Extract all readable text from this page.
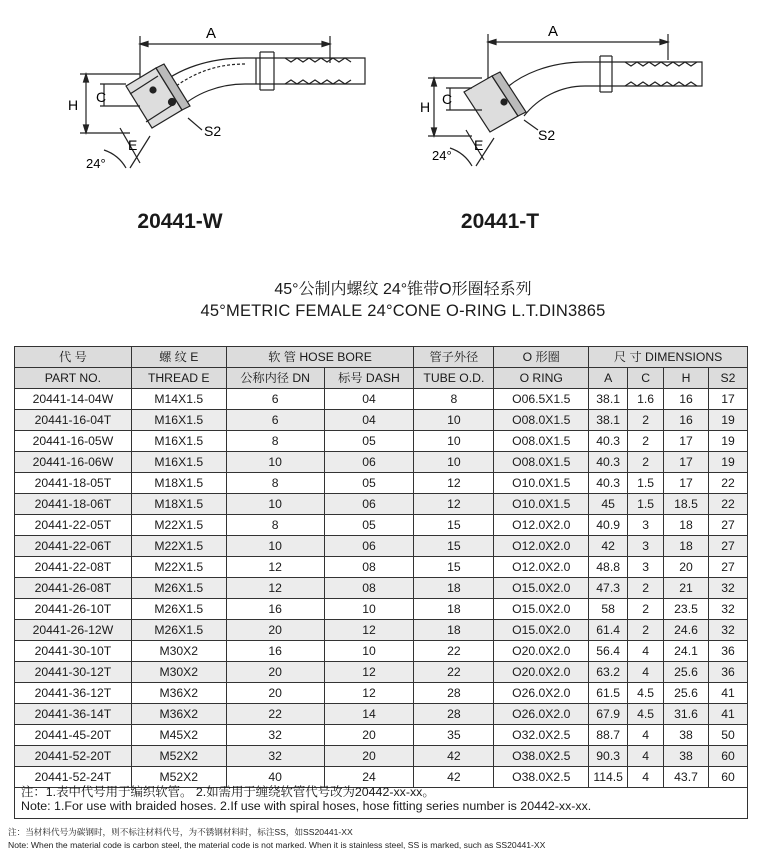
A
H C
E
S2
24°
20441-W
A
H C
E
S2
24°
20441-T
45°公制内螺纹 24°锥带O形圈轻系列
45°METRIC FEMALE 24°CONE O-RING L.T.DIN3865
代 号	螺 纹 E	软 管 HOSE BORE		管子外径	O 形圈	尺 寸 DIMENSIONS			
PART NO.	THREAD E	公称内径 DN	标号 DASH	TUBE O.D.	O RING	A	C	H	S2
20441-14-04W	M14X1.5	6	04	8	O06.5X1.5	38.1	1.6	16	17
20441-16-04T	M16X1.5	6	04	10	O08.0X1.5	38.1	2	16	19
20441-16-05W	M16X1.5	8	05	10	O08.0X1.5	40.3	2	17	19
20441-16-06W	M16X1.5	10	06	10	O08.0X1.5	40.3	2	17	19
20441-18-05T	M18X1.5	8	05	12	O10.0X1.5	40.3	1.5	17	22
20441-18-06T	M18X1.5	10	06	12	O10.0X1.5	45	1.5	18.5	22
20441-22-05T	M22X1.5	8	05	15	O12.0X2.0	40.9	3	18	27
20441-22-06T	M22X1.5	10	06	15	O12.0X2.0	42	3	18	27
20441-22-08T	M22X1.5	12	08	15	O12.0X2.0	48.8	3	20	27
20441-26-08T	M26X1.5	12	08	18	O15.0X2.0	47.3	2	21	32
20441-26-10T	M26X1.5	16	10	18	O15.0X2.0	58	2	23.5	32
20441-26-12W	M26X1.5	20	12	18	O15.0X2.0	61.4	2	24.6	32
20441-30-10T	M30X2	16	10	22	O20.0X2.0	56.4	4	24.1	36
20441-30-12T	M30X2	20	12	22	O20.0X2.0	63.2	4	25.6	36
20441-36-12T	M36X2	20	12	28	O26.0X2.0	61.5	4.5	25.6	41
20441-36-14T	M36X2	22	14	28	O26.0X2.0	67.9	4.5	31.6	41
20441-45-20T	M45X2	32	20	35	O32.0X2.5	88.7	4	38	50
20441-52-20T	M52X2	32	20	42	O38.0X2.5	90.3	4	38	60
20441-52-24T	M52X2	40	24	42	O38.0X2.5	114.5	4	43.7	60
注：1.表中代号用于编织软管。 2.如需用于缠绕软管代号改为20442-xx-xx。
Note: 1.For use with braided hoses. 2.If use with spiral hoses, hose fitting series number is 20442-xx-xx.
注：当材料代号为碳钢时，则不标注材料代号，为不锈钢材料时，标注SS，如SS20441-XX
Note: When the material code is carbon steel, the material code is not marked. When it is stainless steel, SS is marked, such as SS20441-XX
